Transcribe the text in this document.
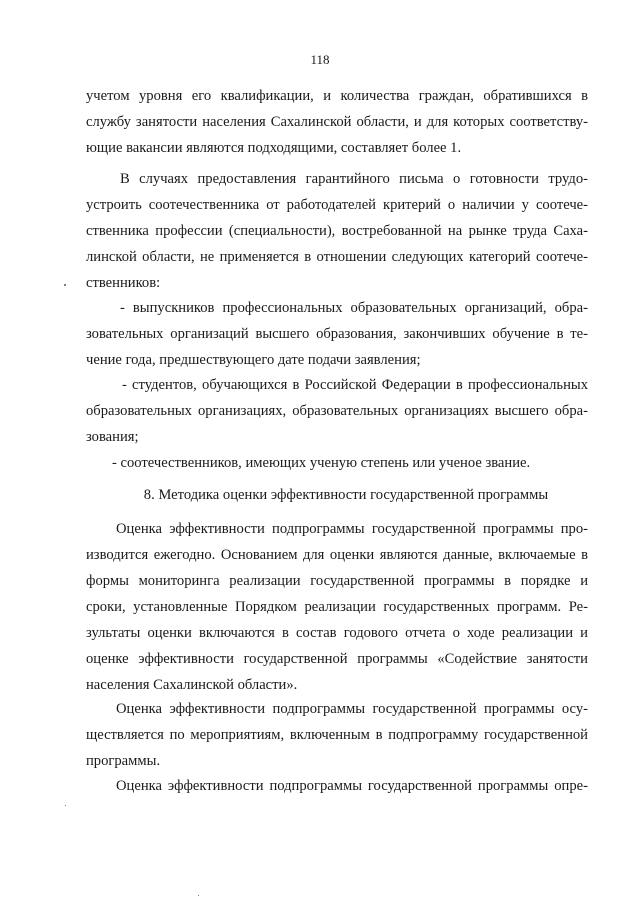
118
учетом уровня его квалификации, и количества граждан, обратившихся в
службу занятости населения Сахалинской области, и для которых соответству-
ющие вакансии являются подходящими, составляет более 1.
В случаях предоставления гарантийного письма о готовности трудо-
устроить соотечественника от работодателей критерий о наличии у соотече-
ственника профессии (специальности), востребованной на рынке труда Саха-
линской области, не применяется в отношении следующих категорий соотече-
ственников:
- выпускников профессиональных образовательных организаций, обра-
зовательных организаций высшего образования, закончивших обучение в те-
чение года, предшествующего дате подачи заявления;
- студентов, обучающихся в Российской Федерации в профессиональных
образовательных организациях, образовательных организациях высшего обра-
зования;
- соотечественников, имеющих ученую степень или ученое звание.
8. Методика оценки эффективности государственной программы
Оценка эффективности подпрограммы государственной программы про-
изводится ежегодно. Основанием для оценки являются данные, включаемые в
формы мониторинга реализации государственной программы в порядке и
сроки, установленные Порядком реализации государственных программ. Ре-
зультаты оценки включаются в состав годового отчета о ходе реализации и
оценке эффективности государственной программы «Содействие занятости
населения Сахалинской области».
Оценка эффективности подпрограммы государственной программы осу-
ществляется по мероприятиям, включенным в подпрограмму государственной
программы.
Оценка эффективности подпрограммы государственной программы опре-
